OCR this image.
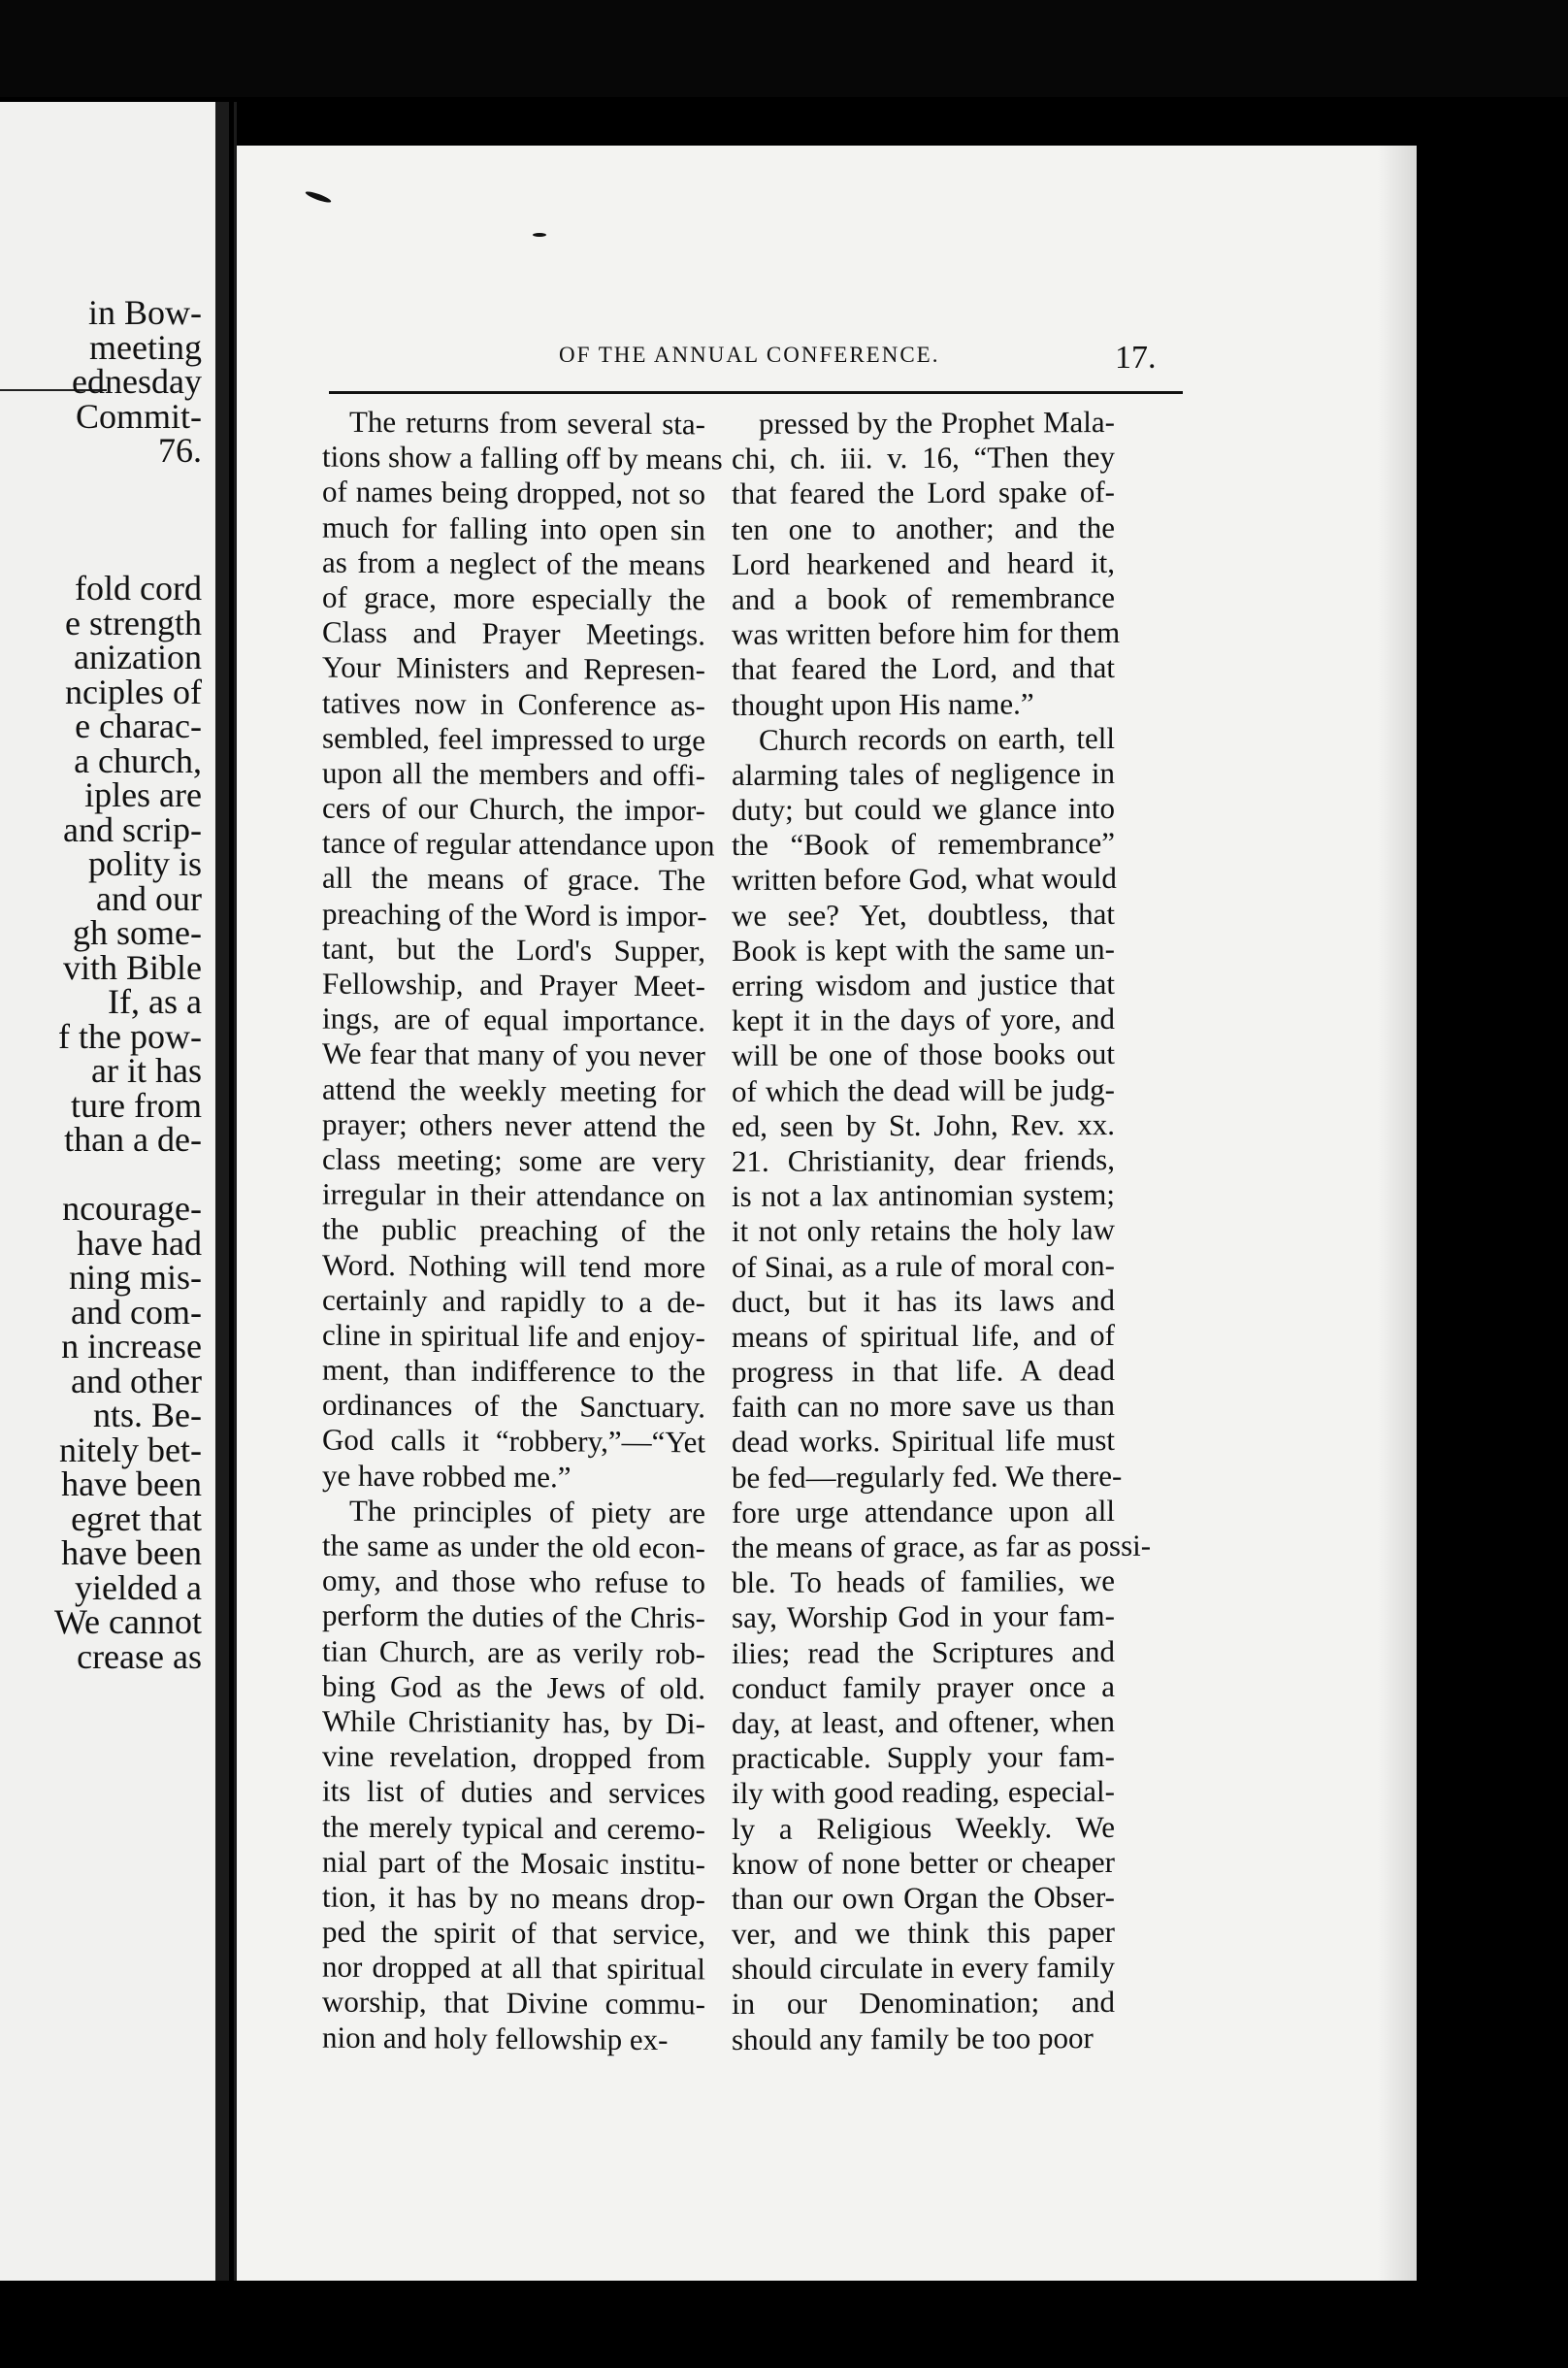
in Bow-
meeting
ednesday
Commit-
76.
fold cord
e strength
anization
nciples of
e charac-
a church,
iples are
and scrip-
polity is
and our
gh some-
vith Bible
If, as a
f the pow-
ar it has
ture from
than a de-
ncourage-
have had
ning mis-
and com-
n increase
and other
nts. Be-
nitely bet-
have been
egret that
have been
yielded a
We cannot
crease as
OF THE ANNUAL CONFERENCE.	17.
The returns from several sta-
tions show a falling off by means
of names being dropped, not so
much for falling into open sin
as from a neglect of the means
of grace, more especially the
Class and Prayer Meetings.
Your Ministers and Represen-
tatives now in Conference as-
sembled, feel impressed to urge
upon all the members and offi-
cers of our Church, the impor-
tance of regular attendance upon
all the means of grace. The
preaching of the Word is impor-
tant, but the Lord's Supper,
Fellowship, and Prayer Meet-
ings, are of equal importance.
We fear that many of you never
attend the weekly meeting for
prayer; others never attend the
class meeting; some are very
irregular in their attendance on
the public preaching of the
Word. Nothing will tend more
certainly and rapidly to a de-
cline in spiritual life and enjoy-
ment, than indifference to the
ordinances of the Sanctuary.
God calls it “robbery,”—“Yet
ye have robbed me.”
The principles of piety are
the same as under the old econ-
omy, and those who refuse to
perform the duties of the Chris-
tian Church, are as verily rob-
bing God as the Jews of old.
While Christianity has, by Di-
vine revelation, dropped from
its list of duties and services
the merely typical and ceremo-
nial part of the Mosaic institu-
tion, it has by no means drop-
ped the spirit of that service,
nor dropped at all that spiritual
worship, that Divine commu-
nion and holy fellowship ex-
pressed by the Prophet Mala-
chi, ch. iii. v. 16, “Then they
that feared the Lord spake of-
ten one to another; and the
Lord hearkened and heard it,
and a book of remembrance
was written before him for them
that feared the Lord, and that
thought upon His name.”
Church records on earth, tell
alarming tales of negligence in
duty; but could we glance into
the “Book of remembrance”
written before God, what would
we see? Yet, doubtless, that
Book is kept with the same un-
erring wisdom and justice that
kept it in the days of yore, and
will be one of those books out
of which the dead will be judg-
ed, seen by St. John, Rev. xx.
21. Christianity, dear friends,
is not a lax antinomian system;
it not only retains the holy law
of Sinai, as a rule of moral con-
duct, but it has its laws and
means of spiritual life, and of
progress in that life. A dead
faith can no more save us than
dead works. Spiritual life must
be fed—regularly fed. We there-
fore urge attendance upon all
the means of grace, as far as possi-
ble. To heads of families, we
say, Worship God in your fam-
ilies; read the Scriptures and
conduct family prayer once a
day, at least, and oftener, when
practicable. Supply your fam-
ily with good reading, especial-
ly a Religious Weekly. We
know of none better or cheaper
than our own Organ the Obser-
ver, and we think this paper
should circulate in every family
in our Denomination; and
should any family be too poor
